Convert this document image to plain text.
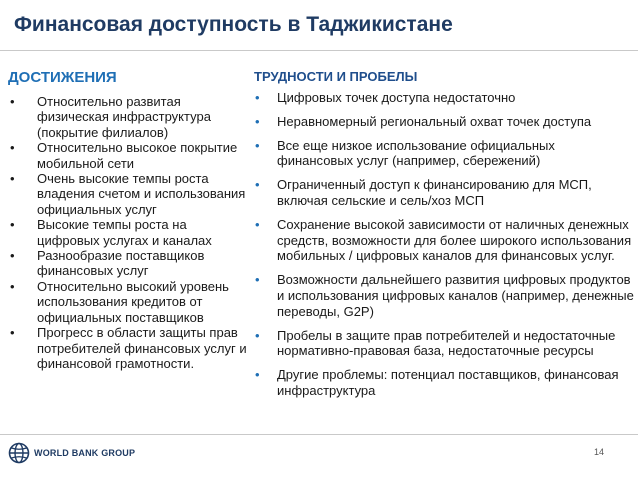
Финансовая доступность в Таджикистане
ДОСТИЖЕНИЯ
• Относительно развитая физическая инфраструктура (покрытие филиалов)
• Относительно высокое покрытие мобильной сети
• Очень высокие темпы роста владения счетом и использования официальных услуг
• Высокие темпы роста на цифровых услугах и каналах
• Разнообразие поставщиков финансовых услуг
• Относительно высокий уровень использования кредитов от официальных поставщиков
• Прогресс в области защиты прав потребителей финансовых услуг и финансовой грамотности.
ТРУДНОСТИ И ПРОБЕЛЫ
• Цифровых точек доступа недостаточно
• Неравномерный региональный охват точек доступа
• Все еще низкое использование официальных финансовых услуг (например, сбережений)
• Ограниченный доступ к финансированию для МСП, включая сельские и сель/хоз МСП
• Сохранение высокой зависимости от наличных денежных средств, возможности для более широкого использования мобильных / цифровых каналов для финансовых услуг.
• Возможности дальнейшего развития цифровых продуктов и использования цифровых каналов (например, денежные переводы, G2P)
• Пробелы в защите прав потребителей и недостаточные нормативно-правовая база, недостаточные ресурсы
• Другие проблемы: потенциал поставщиков, финансовая инфраструктура
WORLD BANK GROUP	14
